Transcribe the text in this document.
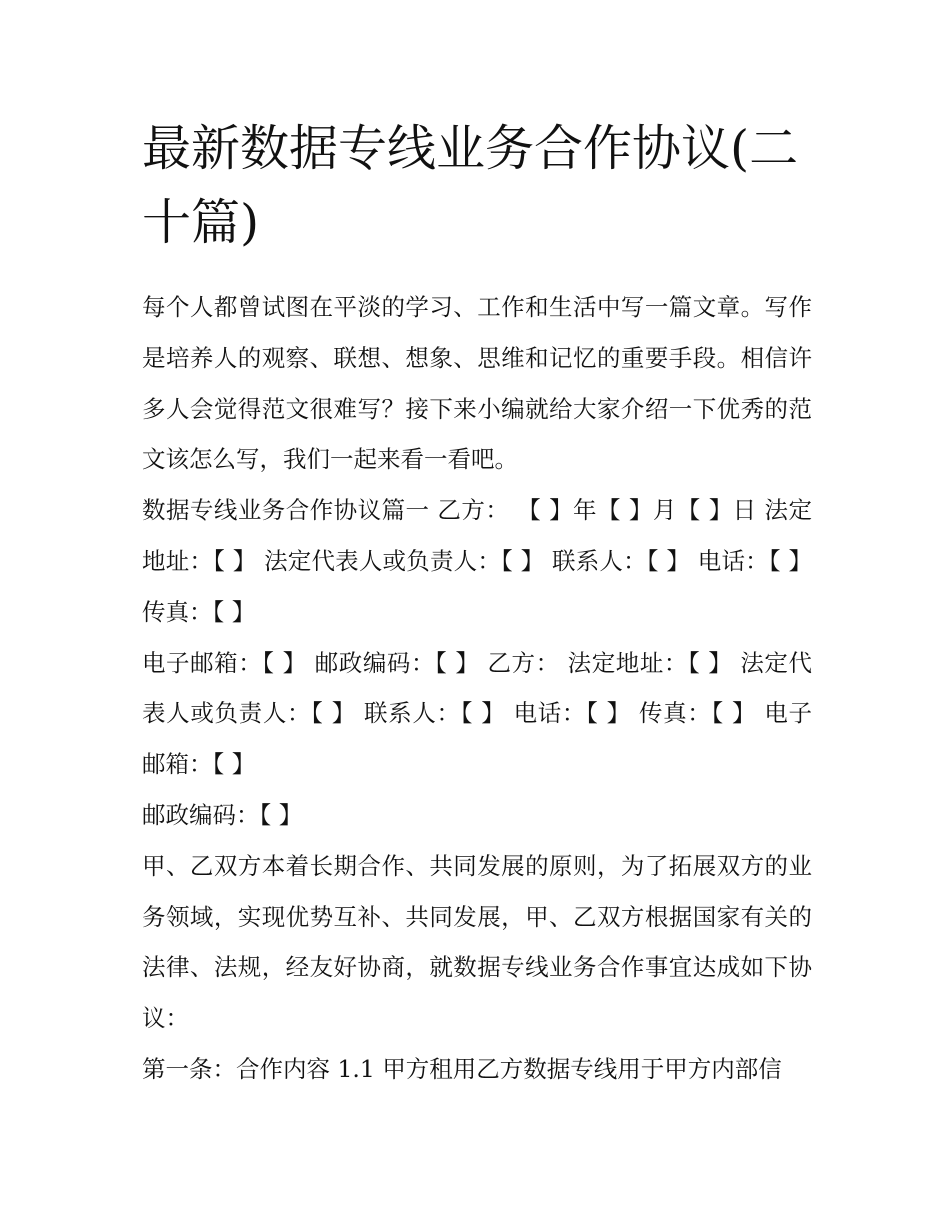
最新数据专线业务合作协议(二十篇)

每个人都曾试图在平淡的学习、工作和生活中写一篇文章。写作是培养人的观察、联想、想象、思维和记忆的重要手段。相信许多人会觉得范文很难写？接下来小编就给大家介绍一下优秀的范文该怎么写，我们一起来看一看吧。

数据专线业务合作协议篇一 乙方： 【 】年【 】月【 】日 法定地址：【 】 法定代表人或负责人：【 】 联系人：【 】 电话：【 】 传真：【 】

电子邮箱：【 】 邮政编码：【 】 乙方： 法定地址：【 】 法定代表人或负责人：【 】 联系人：【 】 电话：【 】 传真：【 】 电子邮箱：【 】

邮政编码：【 】

甲、乙双方本着长期合作、共同发展的原则，为了拓展双方的业务领域，实现优势互补、共同发展，甲、乙双方根据国家有关的法律、法规，经友好协商，就数据专线业务合作事宜达成如下协议：

第一条：合作内容 1.1 甲方租用乙方数据专线用于甲方内部信
